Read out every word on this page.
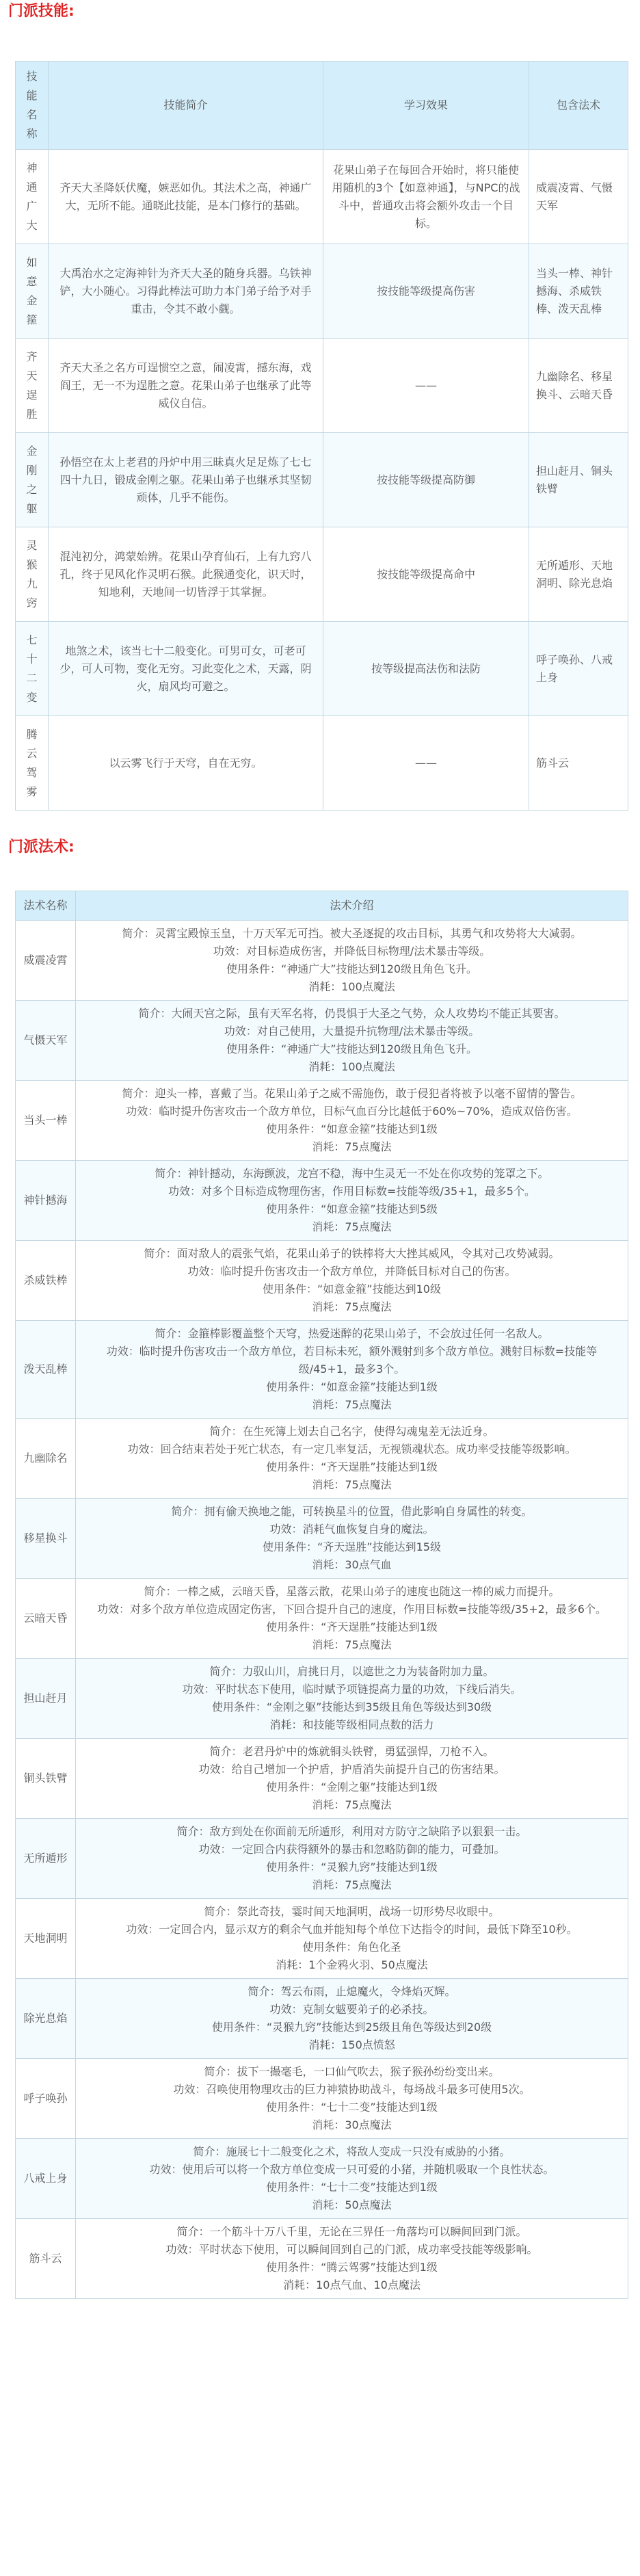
门派技能:
技能名称	技能简介	学习效果	包含法术

神通广大	齐天大圣降妖伏魔，嫉恶如仇。其法术之高，神通广大，无所不能。通晓此技能，是本门修行的基础。	花果山弟子在每回合开始时，将只能使用随机的3个【如意神通】，与NPC的战斗中，普通攻击将会额外攻击一个目标。	威震凌霄、气慑天军

如意金箍	大禹治水之定海神针为齐天大圣的随身兵器。乌铁神铲，大小随心。习得此棒法可助力本门弟子给予对手重击，令其不敢小觑。	按技能等级提高伤害	当头一棒、神针撼海、杀威铁棒、泼天乱棒

齐天逞胜	齐天大圣之名方可逞惯空之意，闹凌霄，撼东海，戏阎王，无一不为逞胜之意。花果山弟子也继承了此等威仪自信。	——	九幽除名、移星换斗、云暗天昏

金刚之躯	孙悟空在太上老君的丹炉中用三昧真火足足炼了七七四十九日，锻成金刚之躯。花果山弟子也继承其坚韧顽体，几乎不能伤。	按技能等级提高防御	担山赶月、铜头铁臂

灵猴九窍	混沌初分，鸿蒙始辨。花果山孕育仙石，上有九窍八孔，终于见风化作灵明石猴。此猴通变化，识天时，知地利，天地间一切皆浮于其掌握。	按技能等级提高命中	无所遁形、天地洞明、除光息焰

七十二变	地煞之术，该当七十二般变化。可男可女，可老可少，可人可物，变化无穷。习此变化之术，天露，阴火，扇风均可避之。	按等级提高法伤和法防	呼子唤孙、八戒上身

腾云驾雾	以云雾飞行于天穹，自在无穷。	——	筋斗云
门派法术:
法术名称	法术介绍
威震凌霄	简介：灵霄宝殿惊玉皇，十万天军无可挡。被大圣逐捉的攻击目标，其勇气和攻势将大大减弱。
功效：对目标造成伤害，并降低目标物理/法术暴击等级。
使用条件：“神通广大”技能达到120级且角色飞升。
消耗：100点魔法

气慑天军	简介：大闹天宫之际，虽有天军名将，仍畏惧于大圣之气势，众人攻势均不能正其要害。
功效：对自己使用，大量提升抗物理/法术暴击等级。
使用条件：“神通广大”技能达到120级且角色飞升。
消耗：100点魔法

当头一棒	简介：迎头一棒，喜戴了当。花果山弟子之威不需施伤，敢于侵犯者将被予以毫不留情的警告。
功效：临时提升伤害攻击一个敌方单位，目标气血百分比越低于60%~70%，造成双倍伤害。
使用条件：“如意金箍”技能达到1级
消耗：75点魔法

神针撼海	简介：神针撼动，东海颤波，龙宫不稳，海中生灵无一不处在你攻势的笼罩之下。
功效：对多个目标造成物理伤害，作用目标数=技能等级/35+1，最多5个。
使用条件：“如意金箍”技能达到5级
消耗：75点魔法

杀威铁棒	简介：面对敌人的震张气焰，花果山弟子的铁棒将大大挫其威风，令其对己攻势减弱。
功效：临时提升伤害攻击一个敌方单位，并降低目标对自己的伤害。
使用条件：“如意金箍”技能达到10级
消耗：75点魔法

泼天乱棒	简介：金箍棒影覆盖整个天穹，热爱迷醉的花果山弟子，不会放过任何一名敌人。
功效：临时提升伤害攻击一个敌方单位，若目标未死，额外溅射到多个敌方单位。溅射目标数=技能等级/45+1，最多3个。
使用条件：“如意金箍”技能达到1级
消耗：75点魔法

九幽除名	简介：在生死簿上划去自己名字，使得勾魂鬼差无法近身。
功效：回合结束若处于死亡状态，有一定几率复活，无视锁魂状态。成功率受技能等级影响。
使用条件：“齐天逞胜”技能达到1级
消耗：75点魔法

移星换斗	简介：拥有偷天换地之能，可转换星斗的位置，借此影响自身属性的转变。
功效：消耗气血恢复自身的魔法。
使用条件：“齐天逞胜”技能达到15级
消耗：30点气血

云暗天昏	简介：一棒之威，云暗天昏，星落云散，花果山弟子的速度也随这一棒的威力而提升。
功效：对多个敌方单位造成固定伤害，下回合提升自己的速度，作用目标数=技能等级/35+2，最多6个。
使用条件：“齐天逞胜”技能达到1级
消耗：75点魔法

担山赶月	简介：力驭山川，肩挑日月，以遮世之力为装备附加力量。
功效：平时状态下使用，临时赋予项链提高力量的功效，下线后消失。
使用条件：“金刚之躯”技能达到35级且角色等级达到30级
消耗：和技能等级相同点数的活力

铜头铁臂	简介：老君丹炉中的炼就铜头铁臂，勇猛强悍，刀枪不入。
功效：给自己增加一个护盾，护盾消失前提升自己的伤害结果。
使用条件：“金刚之躯”技能达到1级
消耗：75点魔法

无所遁形	简介：敌方到处在你面前无所遁形，利用对方防守之缺陷予以狠狠一击。
功效：一定回合内获得额外的暴击和忽略防御的能力，可叠加。
使用条件：“灵猴九窍”技能达到1级
消耗：75点魔法

天地洞明	简介：祭此奇技，霎时间天地洞明，战场一切形势尽收眼中。
功效：一定回合内，显示双方的剩余气血并能知每个单位下达指令的时间，最低下降至10秒。
使用条件：角色化圣
消耗：1个金鸦火羽、50点魔法

除光息焰	简介：驾云布雨，止熄魔火，令烽焰灭辉。
功效：克制女魃要弟子的必杀技。
使用条件：“灵猴九窍”技能达到25级且角色等级达到20级
消耗：150点愤怒

呼子唤孙	简介：拔下一撮毫毛，一口仙气吹去，猴子猴孙纷纷变出来。
功效：召唤使用物理攻击的巨力神猿协助战斗，每场战斗最多可使用5次。
使用条件：“七十二变”技能达到1级
消耗：30点魔法

八戒上身	简介：施展七十二般变化之术，将敌人变成一只没有威胁的小猪。
功效：使用后可以将一个敌方单位变成一只可爱的小猪，并随机吸取一个良性状态。
使用条件：“七十二变”技能达到1级
消耗：50点魔法

筋斗云	简介：一个筋斗十万八千里，无论在三界任一角落均可以瞬间回到门派。
功效：平时状态下使用，可以瞬间回到自己的门派，成功率受技能等级影响。
使用条件：“腾云驾雾”技能达到1级
消耗：10点气血、10点魔法
